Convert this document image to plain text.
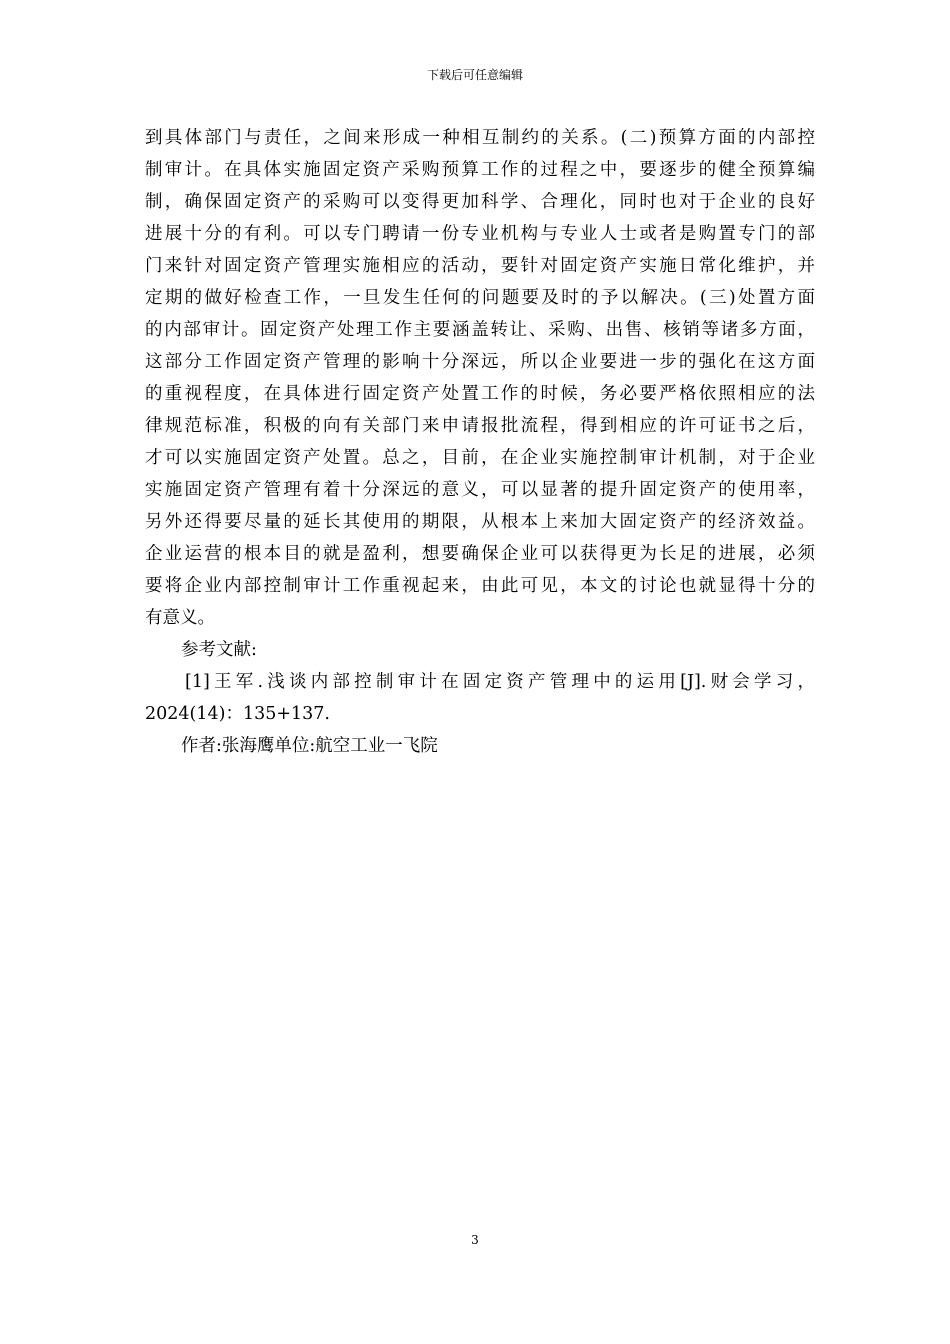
下载后可任意编辑
到具体部门与责任，之间来形成一种相互制约的关系。(二)预算方面的内部控
制审计。在具体实施固定资产采购预算工作的过程之中，要逐步的健全预算编
制，确保固定资产的采购可以变得更加科学、合理化，同时也对于企业的良好
进展十分的有利。可以专门聘请一份专业机构与专业人士或者是购置专门的部
门来针对固定资产管理实施相应的活动，要针对固定资产实施日常化维护，并
定期的做好检查工作，一旦发生任何的问题要及时的予以解决。(三)处置方面
的内部审计。固定资产处理工作主要涵盖转让、采购、出售、核销等诸多方面，
这部分工作固定资产管理的影响十分深远，所以企业要进一步的强化在这方面
的重视程度，在具体进行固定资产处置工作的时候，务必要严格依照相应的法
律规范标准，积极的向有关部门来申请报批流程，得到相应的许可证书之后，
才可以实施固定资产处置。总之，目前，在企业实施控制审计机制，对于企业
实施固定资产管理有着十分深远的意义，可以显著的提升固定资产的使用率，
另外还得要尽量的延长其使用的期限，从根本上来加大固定资产的经济效益。
企业运营的根本目的就是盈利，想要确保企业可以获得更为长足的进展，必须
要将企业内部控制审计工作重视起来，由此可见，本文的讨论也就显得十分的
有意义。
参考文献:
[1]王军.浅谈内部控制审计在固定资产管理中的运用[J].财会学习，
2024(14)：135+137.
作者:张海鹰单位:航空工业一飞院
3
